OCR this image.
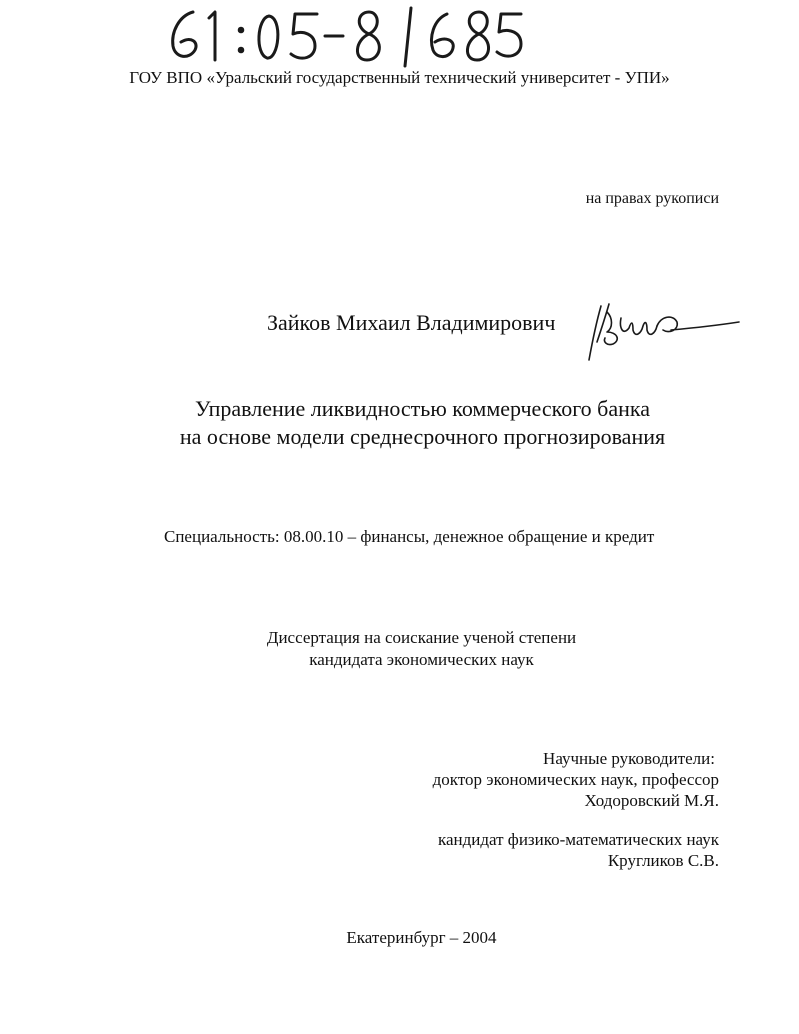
ГОУ ВПО «Уральский государственный технический университет - УПИ»
на правах рукописи
Зайков Михаил Владимирович
Управление ликвидностью коммерческого банка
на основе модели среднесрочного прогнозирования
Специальность: 08.00.10 – финансы, денежное обращение и кредит
Диссертация на соискание ученой степени
кандидата экономических наук
Научные руководители:
доктор экономических наук, профессор
Ходоровский М.Я.
кандидат физико-математических наук
Кругликов С.В.
Екатеринбург – 2004
